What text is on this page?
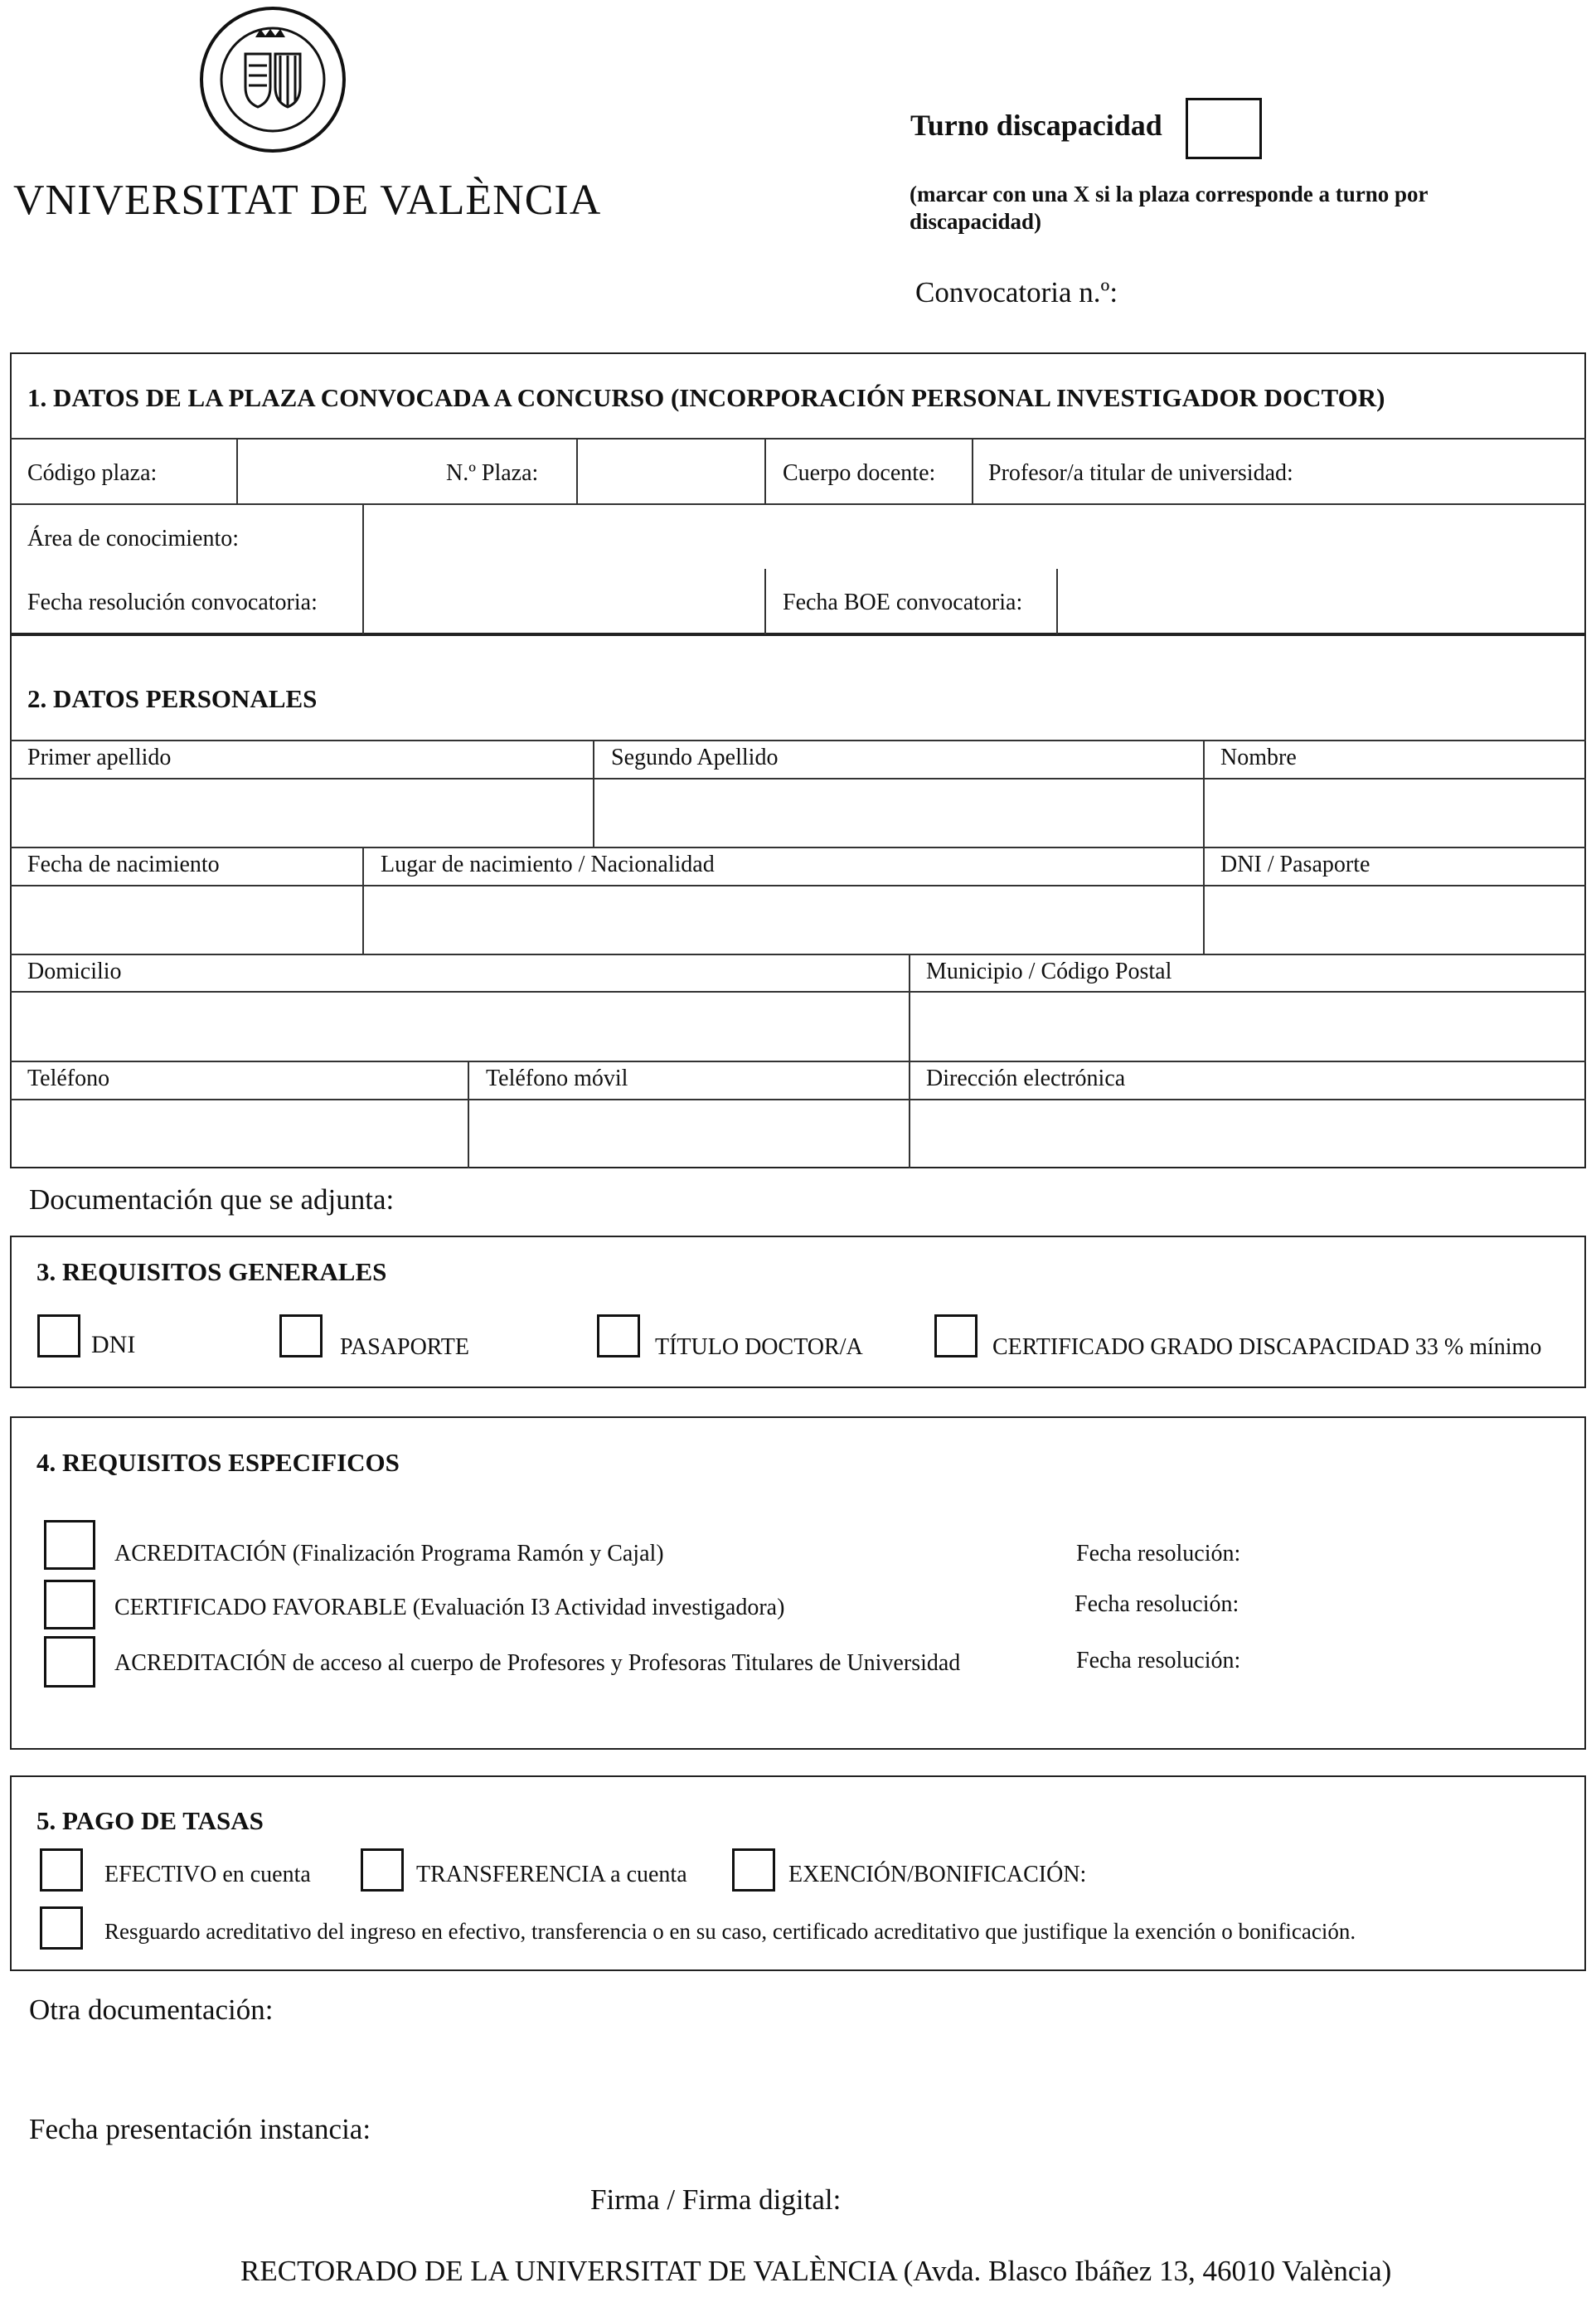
VNIVERSITAT DE VALÈNCIA
Turno discapacidad
(marcar con una X si la plaza corresponde a turno por
discapacidad)
Convocatoria n.º:
1. DATOS DE LA PLAZA CONVOCADA A CONCURSO (INCORPORACIÓN PERSONAL INVESTIGADOR DOCTOR)
Código plaza:	N.º Plaza:	Cuerpo docente: Profesor/a titular de universidad:
Área de conocimiento:
Fecha resolución convocatoria:	Fecha BOE convocatoria:
2. DATOS PERSONALES
Primer apellido	Segundo Apellido	Nombre
Fecha de nacimiento	Lugar de nacimiento / Nacionalidad	DNI / Pasaporte
Domicilio	Municipio / Código Postal
Teléfono	Teléfono móvil	Dirección electrónica
Documentación que se adjunta:
3. REQUISITOS GENERALES
DNI	PASAPORTE	TÍTULO DOCTOR/A	CERTIFICADO GRADO DISCAPACIDAD 33 % mínimo
4. REQUISITOS ESPECIFICOS
ACREDITACIÓN (Finalización Programa Ramón y Cajal)	Fecha resolución:
CERTIFICADO FAVORABLE (Evaluación I3 Actividad investigadora)	Fecha resolución:
ACREDITACIÓN de acceso al cuerpo de Profesores y Profesoras Titulares de Universidad	Fecha resolución:
5. PAGO DE TASAS
EFECTIVO en cuenta	TRANSFERENCIA a cuenta	EXENCIÓN/BONIFICACIÓN:
Resguardo acreditativo del ingreso en efectivo, transferencia o en su caso, certificado acreditativo que justifique la exención o bonificación.
Otra documentación:
Fecha presentación instancia:
Firma / Firma digital:
RECTORADO DE LA UNIVERSITAT DE VALÈNCIA (Avda. Blasco Ibáñez 13, 46010 València)
